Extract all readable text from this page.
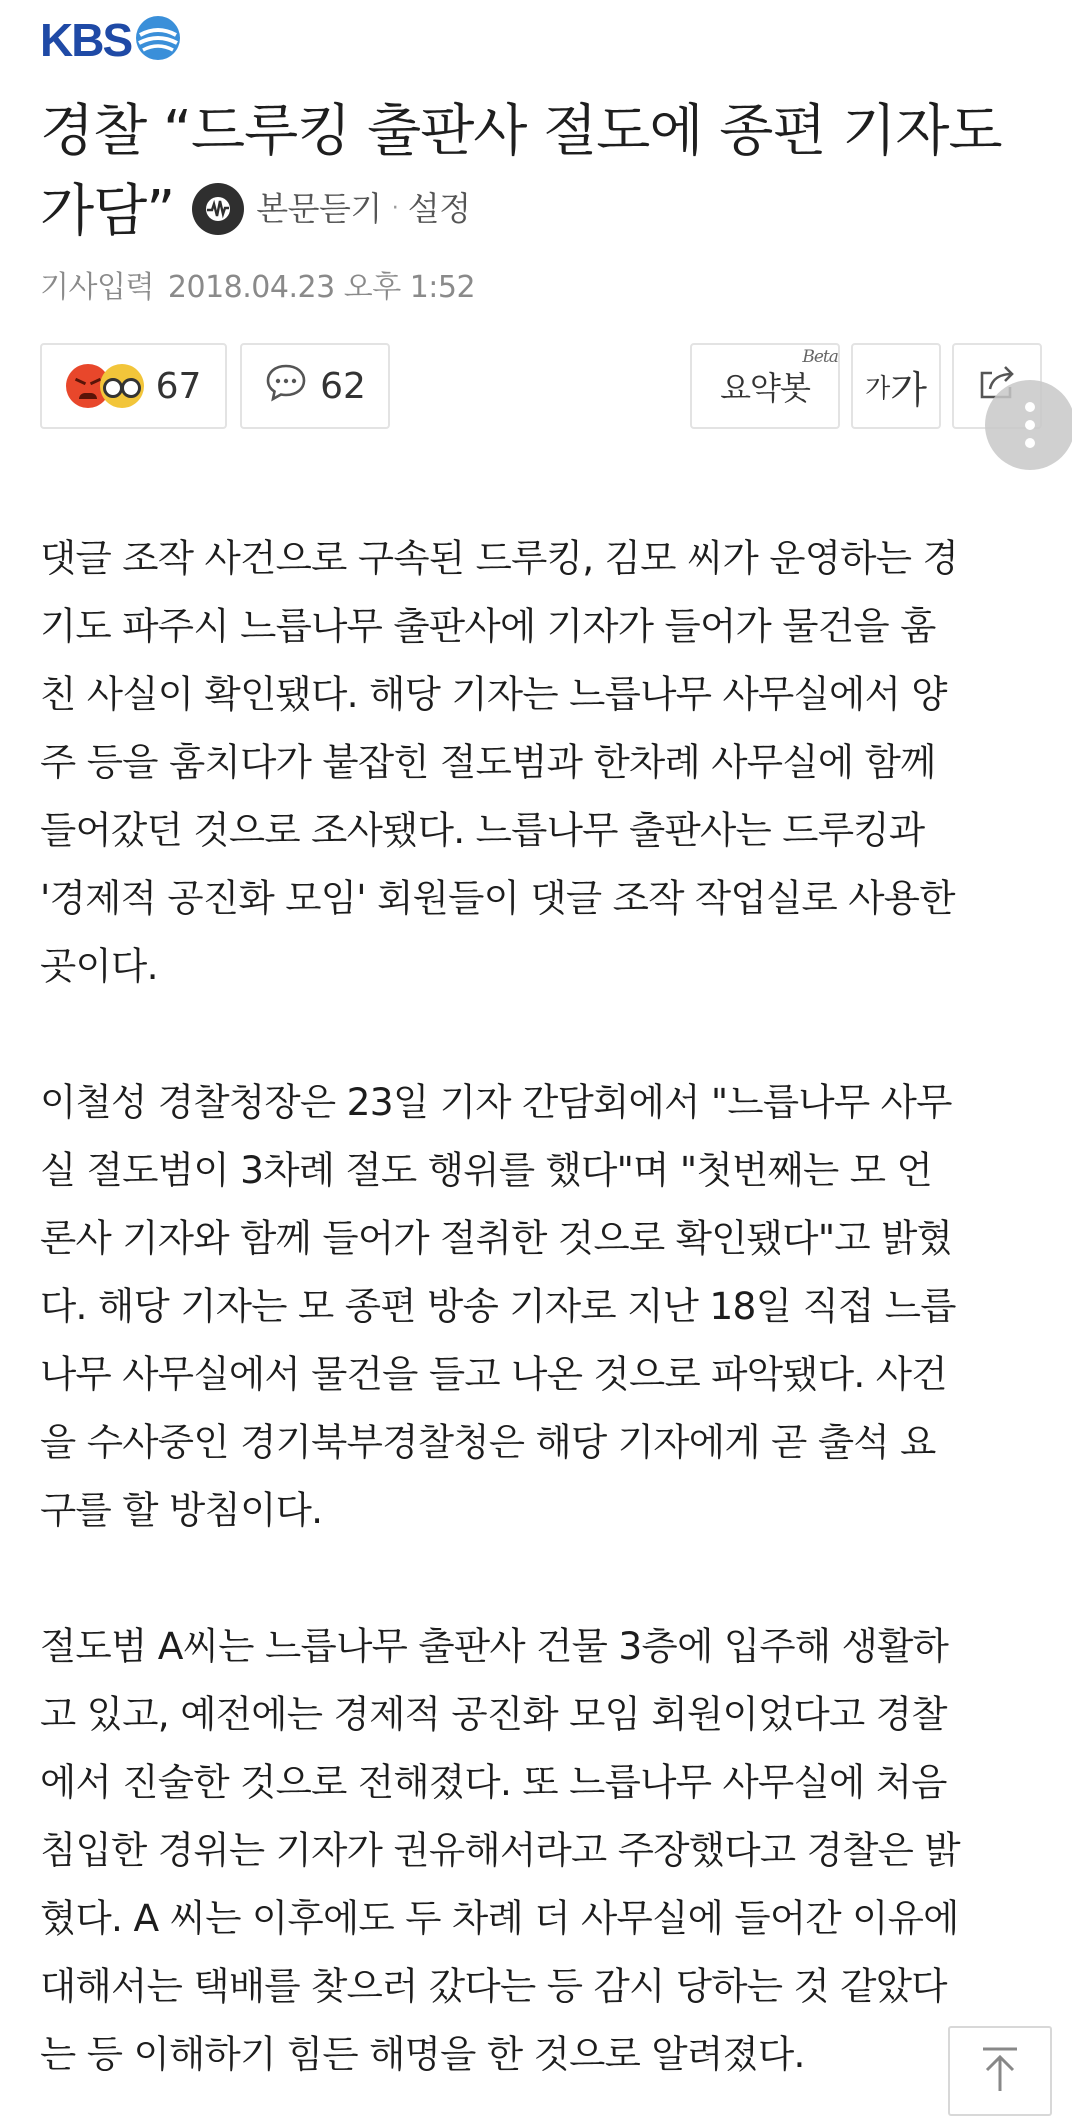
KBS
경찰 “드루킹 출판사 절도에 종편 기자도 가담” 본문듣기 · 설정
기사입력 2018.04.23 오후 1:52
67	62	요약봇
Beta
가 가

댓글 조작 사건으로 구속된 드루킹, 김모 씨가 운영하는 경
기도 파주시 느릅나무 출판사에 기자가 들어가 물건을 훔
친 사실이 확인됐다. 해당 기자는 느릅나무 사무실에서 양
주 등을 훔치다가 붙잡힌 절도범과 한차례 사무실에 함께
들어갔던 것으로 조사됐다. 느릅나무 출판사는 드루킹과
'경제적 공진화 모임' 회원들이 댓글 조작 작업실로 사용한
곳이다.

이철성 경찰청장은 23일 기자 간담회에서 "느릅나무 사무
실 절도범이 3차례 절도 행위를 했다"며 "첫번째는 모 언
론사 기자와 함께 들어가 절취한 것으로 확인됐다"고 밝혔
다. 해당 기자는 모 종편 방송 기자로 지난 18일 직접 느릅
나무 사무실에서 물건을 들고 나온 것으로 파악됐다. 사건
을 수사중인 경기북부경찰청은 해당 기자에게 곧 출석 요
구를 할 방침이다.

절도범 A씨는 느릅나무 출판사 건물 3층에 입주해 생활하
고 있고, 예전에는 경제적 공진화 모임 회원이었다고 경찰
에서 진술한 것으로 전해졌다. 또 느릅나무 사무실에 처음
침입한 경위는 기자가 권유해서라고 주장했다고 경찰은 밝
혔다. A 씨는 이후에도 두 차례 더 사무실에 들어간 이유에
대해서는 택배를 찾으러 갔다는 등 감시 당하는 것 같았다
는 등 이해하기 힘든 해명을 한 것으로 알려졌다.
